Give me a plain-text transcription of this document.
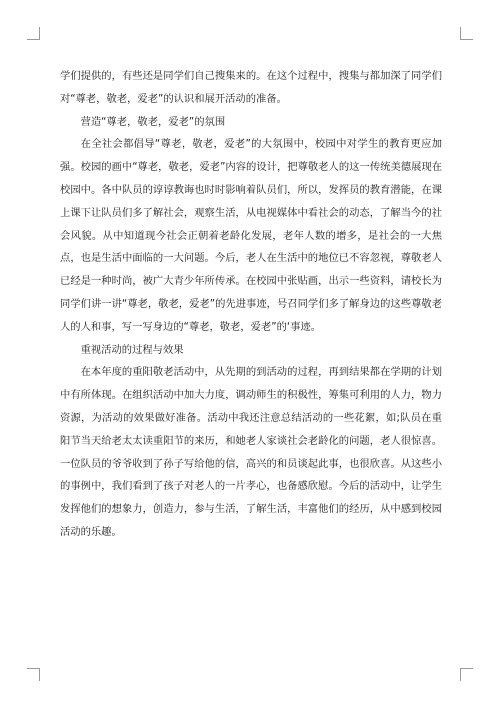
学们提供的，有些还是同学们自己搜集来的。在这个过程中，搜集与都加深了同学们对“尊老，敬老，爱老”的认识和展开活动的准备。

营造“尊老，敬老，爱老”的氛围

在全社会都倡导“尊老，敬老，爱老”的大氛围中，校园中对学生的教育更应加强。校园的画中“尊老，敬老，爱老”内容的设计，把尊敬老人的这一传统美德展现在校园中。各中队员的谆谆教诲也时时影响着队员们，所以，发挥员的教育潜能，在课上课下让队员们多了解社会，观察生活，从电视媒体中看社会的动态，了解当今的社会风貌。从中知道现今社会正朝着老龄化发展，老年人数的增多，是社会的一大焦点，也是生活中面临的一大问题。今后，老人在生活中的地位已不容忽视，尊敬老人已经是一种时尚，被广大青少年所传承。在校园中张贴画，出示一些资料，请校长为同学们讲一讲“尊老，敬老，爱老”的先进事迹，号召同学们多了解身边的这些尊敬老人的人和事，写一写身边的“尊老，敬老，爱老”的‘事迹。

重视活动的过程与效果

在本年度的重阳敬老活动中，从先期的到活动的过程，再到结果都在学期的计划中有所体现。在组织活动中加大力度，调动师生的积极性，筹集可利用的人力，物力资源，为活动的效果做好准备。活动中我还注意总结活动的一些花絮，如;队员在重阳节当天给老太太读重阳节的来历，和她老人家谈社会老龄化的问题，老人很惊喜。一位队员的爷爷收到了孙子写给他的信，高兴的和员谈起此事，也很欣喜。从这些小的事例中，我们看到了孩子对老人的一片孝心，也备感欣慰。今后的活动中，让学生发挥他们的想象力，创造力，参与生活，了解生活，丰富他们的经历，从中感到校园活动的乐趣。
